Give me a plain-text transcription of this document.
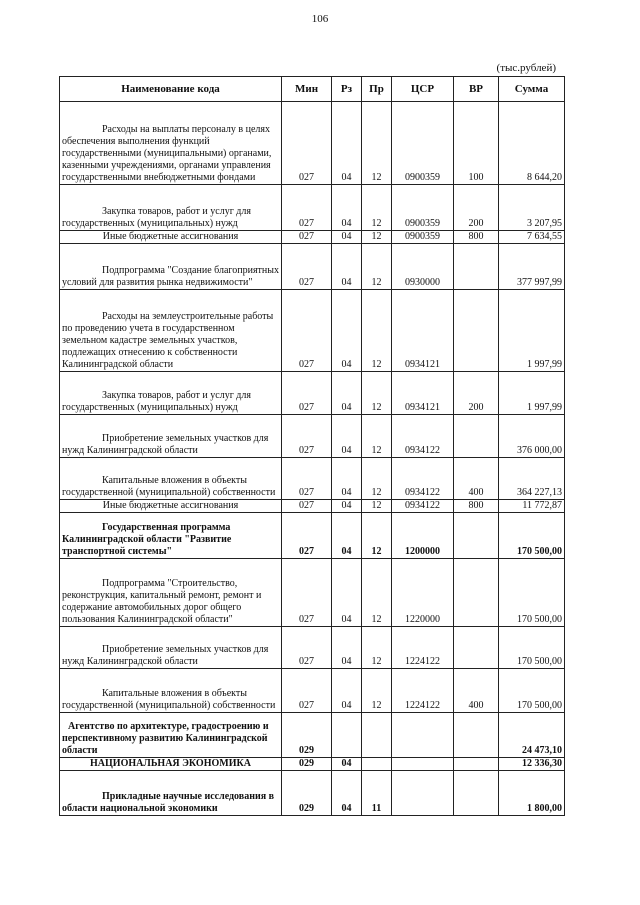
106
(тыс.рублей)
Наименование кода	Мин	Рз	Пр	ЦСР	ВР	Сумма
Расходы на выплаты персоналу в целях обеспечения выполнения функций государственными (муниципальными) органами, казенными учреждениями, органами управления государственными внебюджетными фондами	027	04	12	0900359	100	8 644,20
Закупка товаров, работ и услуг для государственных (муниципальных) нужд	027	04	12	0900359	200	3 207,95
Иные бюджетные ассигнования	027	04	12	0900359	800	7 634,55
Подпрограмма "Создание благоприятных условий для развития рынка недвижимости"	027	04	12	0930000		377 997,99
Расходы на землеустроительные работы по проведению учета в государственном земельном кадастре земельных участков, подлежащих отнесению к собственности Калининградской области	027	04	12	0934121		1 997,99
Закупка товаров, работ и услуг для государственных (муниципальных) нужд	027	04	12	0934121	200	1 997,99
Приобретение земельных участков для нужд Калининградской области	027	04	12	0934122		376 000,00
Капитальные вложения в объекты государственной (муниципальной) собственности	027	04	12	0934122	400	364 227,13
Иные бюджетные ассигнования	027	04	12	0934122	800	11 772,87
Государственная программа Калининградской области "Развитие транспортной системы"	027	04	12	1200000		170 500,00
Подпрограмма "Строительство, реконструкция, капитальный ремонт, ремонт и содержание автомобильных дорог общего пользования Калининградской области"	027	04	12	1220000		170 500,00
Приобретение земельных участков для нужд Калининградской области	027	04	12	1224122		170 500,00
Капитальные вложения в объекты государственной (муниципальной) собственности	027	04	12	1224122	400	170 500,00
Агентство по архитектуре, градостроению и перспективному развитию Калининградской области	029					24 473,10
НАЦИОНАЛЬНАЯ ЭКОНОМИКА	029	04				12 336,30
Прикладные научные исследования в области национальной экономики	029	04	11			1 800,00
